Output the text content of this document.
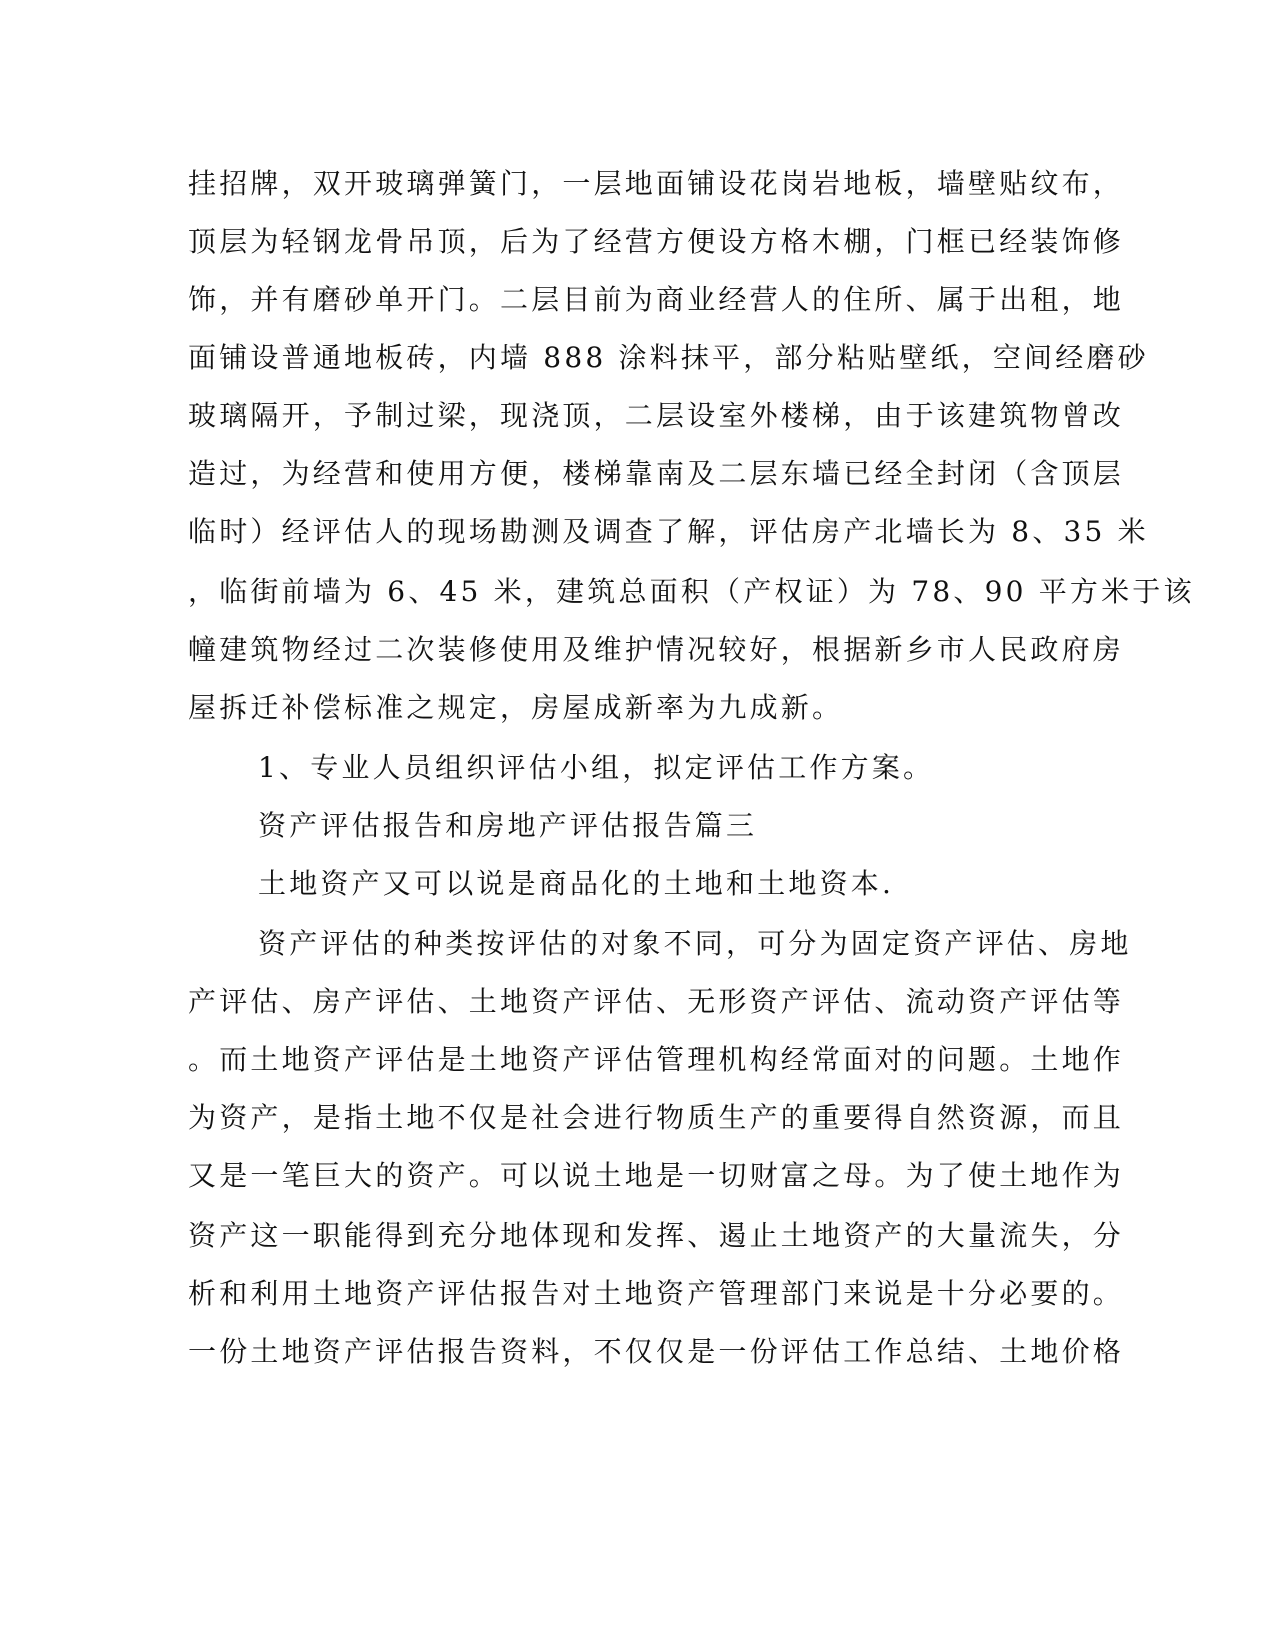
挂招牌，双开玻璃弹簧门，一层地面铺设花岗岩地板，墙壁贴纹布，
顶层为轻钢龙骨吊顶，后为了经营方便设方格木棚，门框已经装饰修
饰，并有磨砂单开门。二层目前为商业经营人的住所、属于出租，地
面铺设普通地板砖，内墙 888 涂料抹平，部分粘贴壁纸，空间经磨砂
玻璃隔开，予制过梁，现浇顶，二层设室外楼梯，由于该建筑物曾改
造过，为经营和使用方便，楼梯靠南及二层东墙已经全封闭（含顶层
临时）经评估人的现场勘测及调查了解，评估房产北墙长为 8、35 米
，临街前墙为 6、45 米，建筑总面积（产权证）为 78、90 平方米于该
幢建筑物经过二次装修使用及维护情况较好，根据新乡市人民政府房
屋拆迁补偿标准之规定，房屋成新率为九成新。
1、专业人员组织评估小组，拟定评估工作方案。
资产评估报告和房地产评估报告篇三
土地资产又可以说是商品化的土地和土地资本.
资产评估的种类按评估的对象不同，可分为固定资产评估、房地
产评估、房产评估、土地资产评估、无形资产评估、流动资产评估等
。而土地资产评估是土地资产评估管理机构经常面对的问题。土地作
为资产，是指土地不仅是社会进行物质生产的重要得自然资源，而且
又是一笔巨大的资产。可以说土地是一切财富之母。为了使土地作为
资产这一职能得到充分地体现和发挥、遏止土地资产的大量流失，分
析和利用土地资产评估报告对土地资产管理部门来说是十分必要的。
一份土地资产评估报告资料，不仅仅是一份评估工作总结、土地价格
